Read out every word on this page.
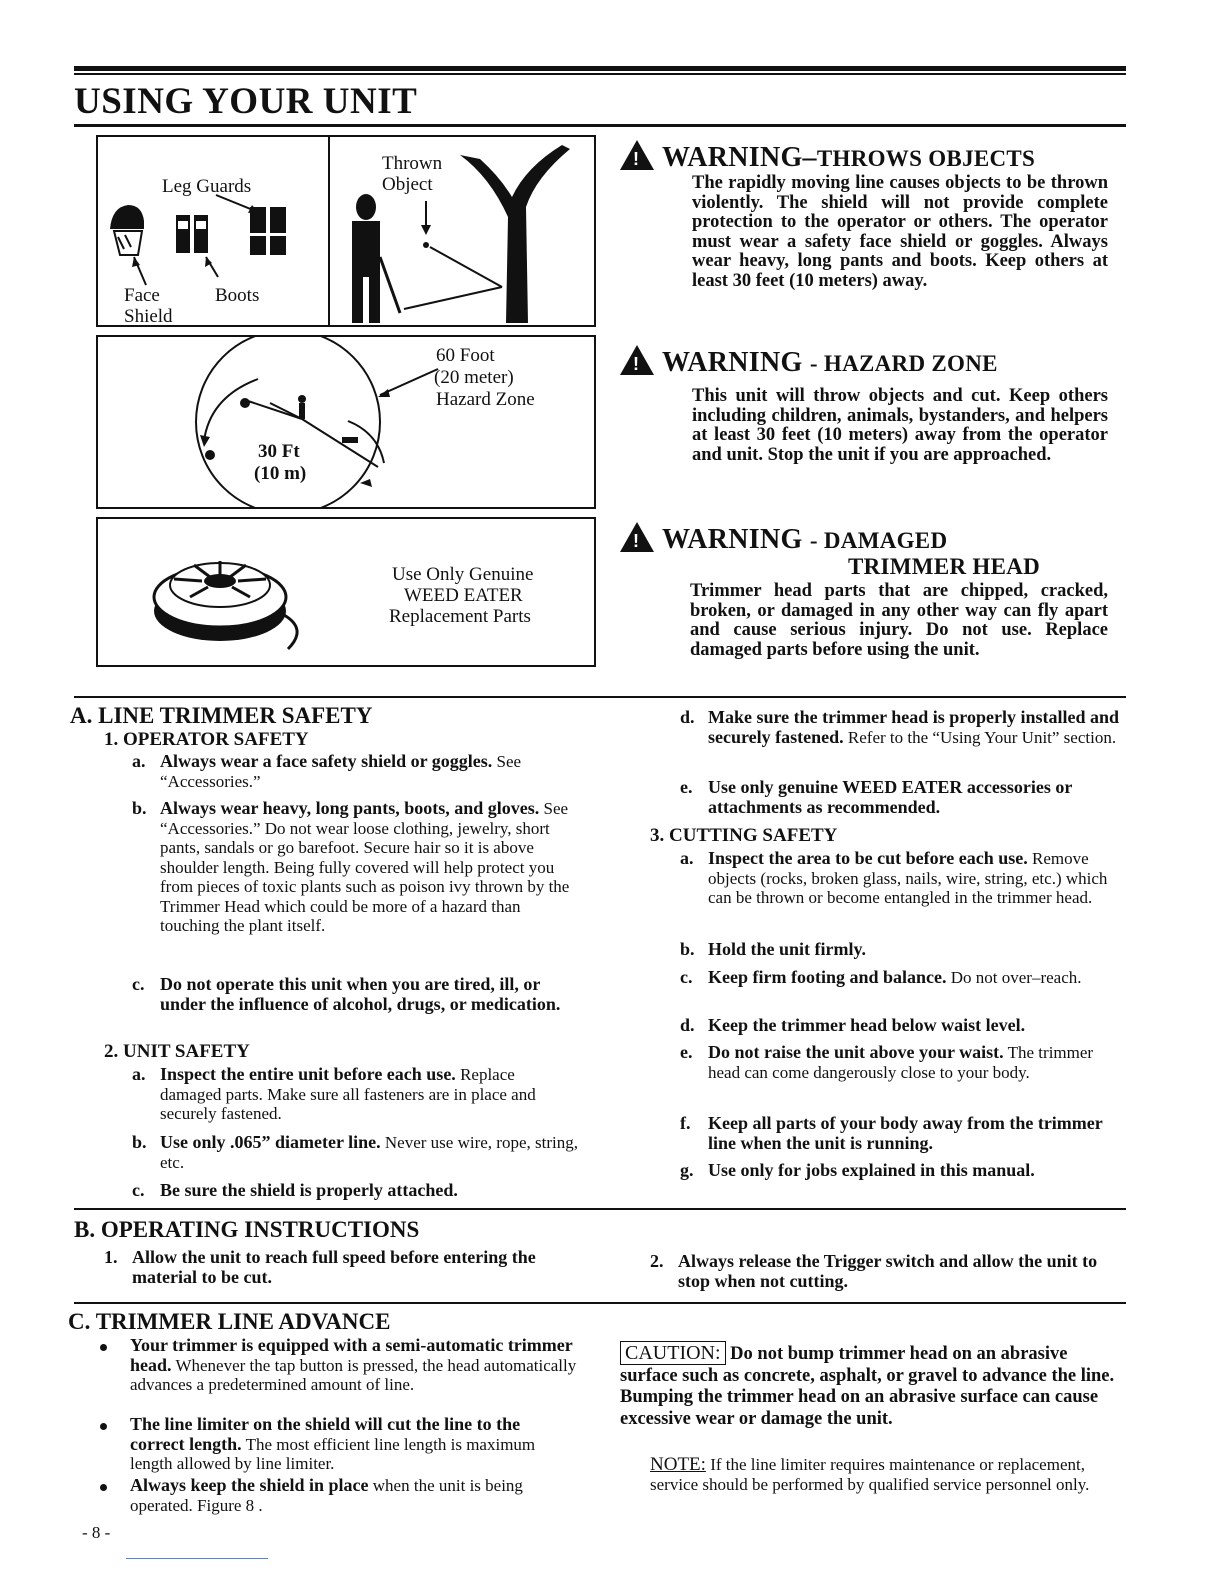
USING YOUR UNIT
Leg Guards
Face Shield
Boots
Thrown Object
60 Foot
(20 meter)
Hazard Zone
30 Ft
(10 m)
Use Only Genuine
WEED EATER
Replacement Parts
! WARNING–THROWS OBJECTS
The rapidly moving line causes objects to be thrown violently. The shield will not provide complete protection to the operator or others. The operator must wear a safety face shield or goggles. Always wear heavy, long pants and boots. Keep others at least 30 feet (10 meters) away.
! WARNING - HAZARD ZONE
This unit will throw objects and cut. Keep others including children, animals, bystanders, and helpers at least 30 feet (10 meters) away from the operator and unit. Stop the unit if you are approached.
! WARNING - DAMAGED
TRIMMER HEAD
Trimmer head parts that are chipped, cracked, broken, or damaged in any other way can fly apart and cause serious injury. Do not use. Replace damaged parts before using the unit.
A. LINE TRIMMER SAFETY
1. OPERATOR SAFETY
a. Always wear a face safety shield or goggles. See “Accessories.”
b. Always wear heavy, long pants, boots, and gloves. See “Accessories.” Do not wear loose clothing, jewelry, short pants, sandals or go barefoot. Secure hair so it is above shoulder length. Being fully covered will help protect you from pieces of toxic plants such as poison ivy thrown by the Trimmer Head which could be more of a hazard than touching the plant itself.
c. Do not operate this unit when you are tired, ill, or under the influence of alcohol, drugs, or medication.
2. UNIT SAFETY
a. Inspect the entire unit before each use. Replace damaged parts. Make sure all fasteners are in place and securely fastened.
b. Use only .065” diameter line. Never use wire, rope, string, etc.
c. Be sure the shield is properly attached.
d. Make sure the trimmer head is properly installed and securely fastened. Refer to the “Using Your Unit” section.
e. Use only genuine WEED EATER accessories or attachments as recommended.
3. CUTTING SAFETY
a. Inspect the area to be cut before each use. Remove objects (rocks, broken glass, nails, wire, string, etc.) which can be thrown or become entangled in the trimmer head.
b. Hold the unit firmly.
c. Keep firm footing and balance. Do not over–reach.
d. Keep the trimmer head below waist level.
e. Do not raise the unit above your waist. The trimmer head can come dangerously close to your body.
f. Keep all parts of your body away from the trimmer line when the unit is running.
g. Use only for jobs explained in this manual.
B. OPERATING INSTRUCTIONS
1. Allow the unit to reach full speed before entering the material to be cut.
2. Always release the Trigger switch and allow the unit to stop when not cutting.
C. TRIMMER LINE ADVANCE
Your trimmer is equipped with a semi-automatic trimmer head. Whenever the tap button is pressed, the head automatically advances a predetermined amount of line.
The line limiter on the shield will cut the line to the correct length. The most efficient line length is maximum length allowed by line limiter.
Always keep the shield in place when the unit is being operated. Figure 8 .
CAUTION: Do not bump trimmer head on an abrasive surface such as concrete, asphalt, or gravel to advance the line. Bumping the trimmer head on an abrasive surface can cause excessive wear or damage the unit.
NOTE: If the line limiter requires maintenance or replacement, service should be performed by qualified service personnel only.
- 8 -
